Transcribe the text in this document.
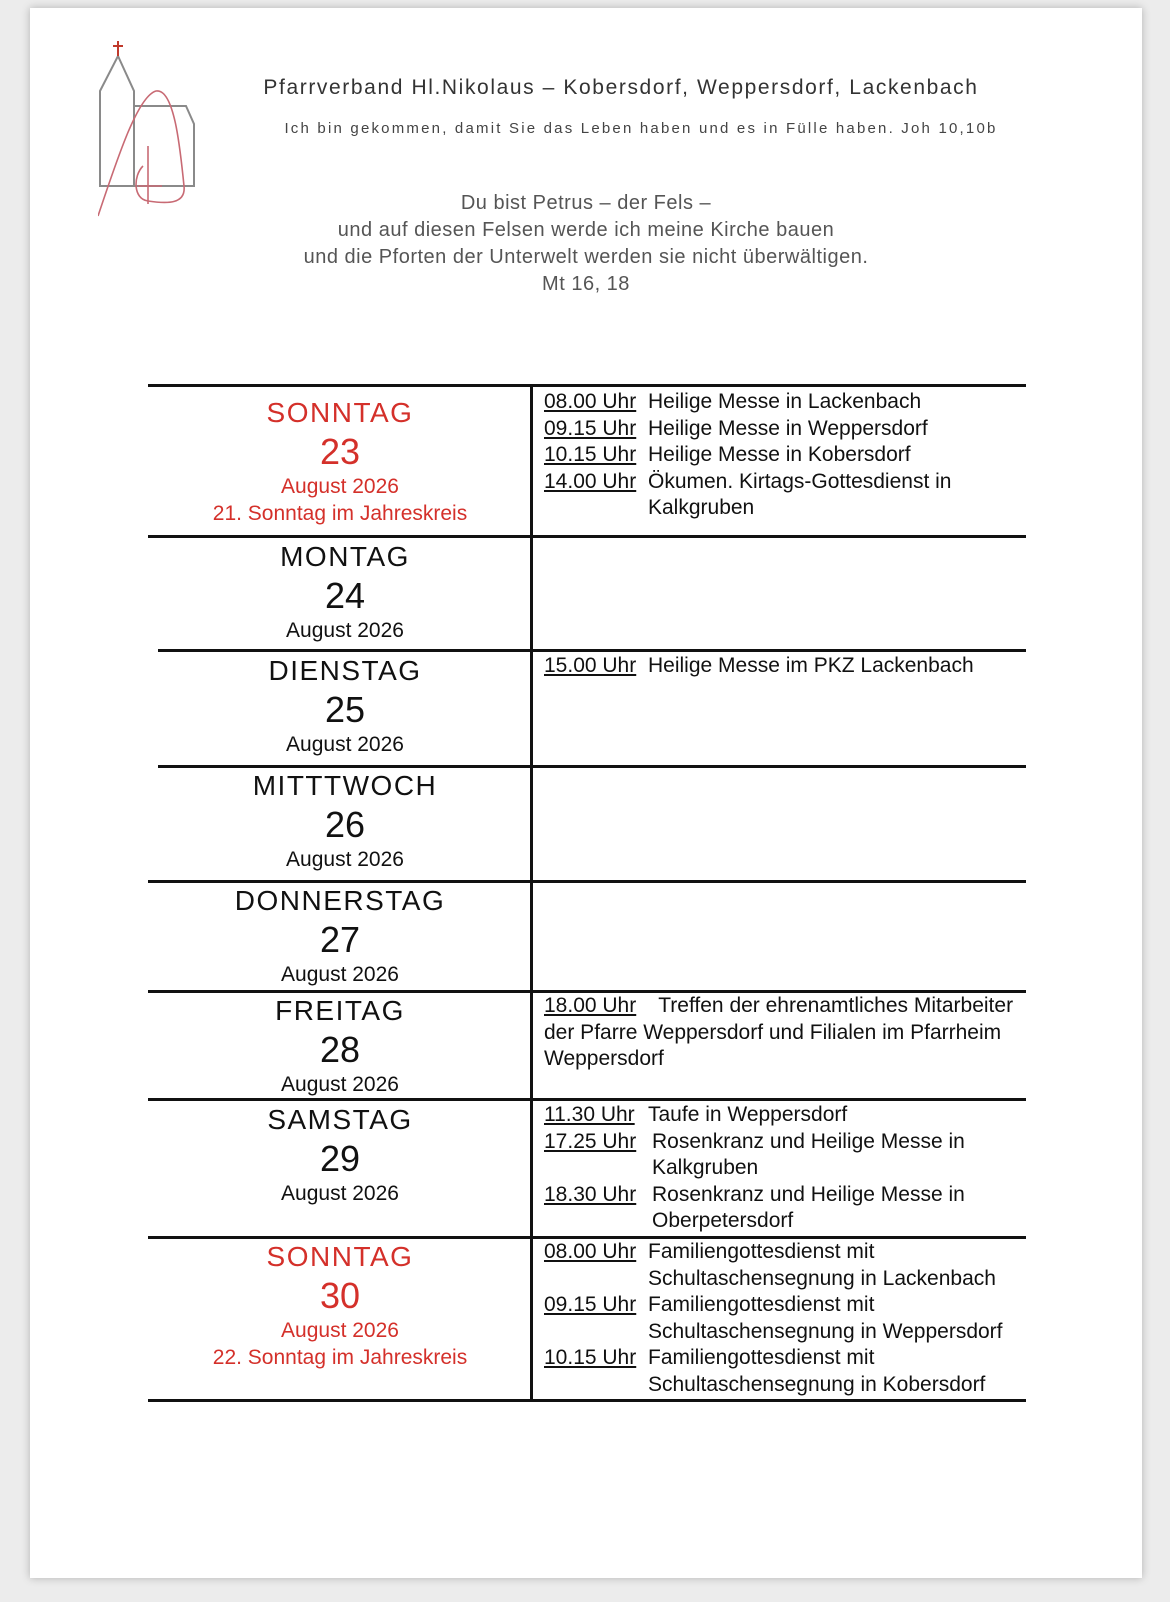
Pfarrverband Hl.Nikolaus – Kobersdorf, Weppersdorf, Lackenbach
Ich bin gekommen, damit Sie das Leben haben und es in Fülle haben. Joh 10,10b
Du bist Petrus – der Fels –
und auf diesen Felsen werde ich meine Kirche bauen
und die Pforten der Unterwelt werden sie nicht überwältigen.
Mt 16, 18
SONNTAG
23
August 2026
21. Sonntag im Jahreskreis
08.00 Uhr Heilige Messe in Lackenbach
09.15 Uhr Heilige Messe in Weppersdorf
10.15 Uhr Heilige Messe in Kobersdorf
14.00 Uhr Ökumen. Kirtags-Gottesdienst in
Kalkgruben
MONTAG
24
August 2026
DIENSTAG
25
August 2026
15.00 Uhr Heilige Messe im PKZ Lackenbach
MITTTWOCH
26
August 2026
DONNERSTAG
27
August 2026
FREITAG
28
August 2026
18.00 Uhr Treffen der ehrenamtliches Mitarbeiter der Pfarre Weppersdorf und Filialen im Pfarrheim Weppersdorf
SAMSTAG
29
August 2026
11.30 Uhr Taufe in Weppersdorf
17.25 Uhr Rosenkranz und Heilige Messe in
Kalkgruben
18.30 Uhr Rosenkranz und Heilige Messe in
Oberpetersdorf
SONNTAG
30
August 2026
22. Sonntag im Jahreskreis
08.00 Uhr Familiengottesdienst mit
Schultaschensegnung in Lackenbach
09.15 Uhr Familiengottesdienst mit
Schultaschensegnung in Weppersdorf
10.15 Uhr Familiengottesdienst mit
Schultaschensegnung in Kobersdorf
